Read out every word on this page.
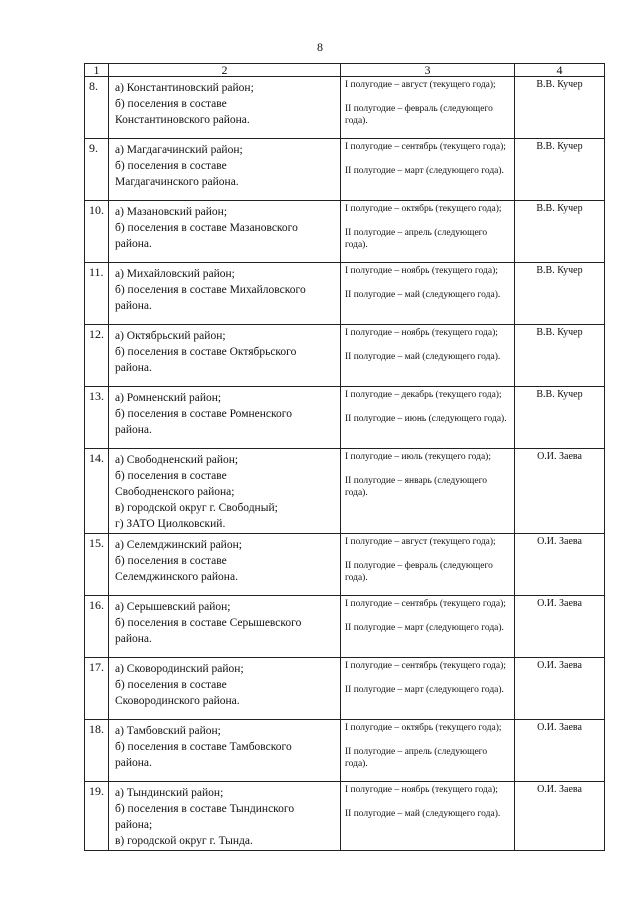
8
1	2	3	4
8.	а) Константиновский район;
б) поселения в составе
Константиновского района.	I полугодие – август (текущего года);
II полугодие – февраль (следующего года).	В.В. Кучер
9.	а) Магдагачинский район;
б) поселения в составе
Магдагачинского района.	I полугодие – сентябрь (текущего года);
II полугодие – март (следующего года).	В.В. Кучер
10.	а) Мазановский район;
б) поселения в составе Мазановского
района.	I полугодие – октябрь (текущего года);
II полугодие – апрель (следующего года).	В.В. Кучер
11.	а) Михайловский район;
б) поселения в составе Михайловского
района.	I полугодие – ноябрь (текущего года);
II полугодие – май (следующего года).	В.В. Кучер
12.	а) Октябрьский район;
б) поселения в составе Октябрьского
района.	I полугодие – ноябрь (текущего года);
II полугодие – май (следующего года).	В.В. Кучер
13.	а) Ромненский район;
б) поселения в составе Ромненского
района.	I полугодие – декабрь (текущего года);
II полугодие – июнь (следующего года).	В.В. Кучер
14.	а) Свободненский район;
б) поселения в составе
Свободненского района;
в) городской округ г. Свободный;
г) ЗАТО Циолковский.	I полугодие – июль (текущего года);
II полугодие – январь (следующего года).	О.И. Заева
15.	а) Селемджинский район;
б) поселения в составе
Селемджинского района.	I полугодие – август (текущего года);
II полугодие – февраль (следующего года).	О.И. Заева
16.	а) Серышевский район;
б) поселения в составе Серышевского
района.	I полугодие – сентябрь (текущего года);
II полугодие – март (следующего года).	О.И. Заева
17.	а) Сковородинский район;
б) поселения в составе
Сковородинского района.	I полугодие – сентябрь (текущего года);
II полугодие – март (следующего года).	О.И. Заева
18.	а) Тамбовский район;
б) поселения в составе Тамбовского
района.	I полугодие – октябрь (текущего года);
II полугодие – апрель (следующего года).	О.И. Заева
19.	а) Тындинский район;
б) поселения в составе Тындинского
района;
в) городской округ г. Тында.	I полугодие – ноябрь (текущего года);
II полугодие – май (следующего года).	О.И. Заева
